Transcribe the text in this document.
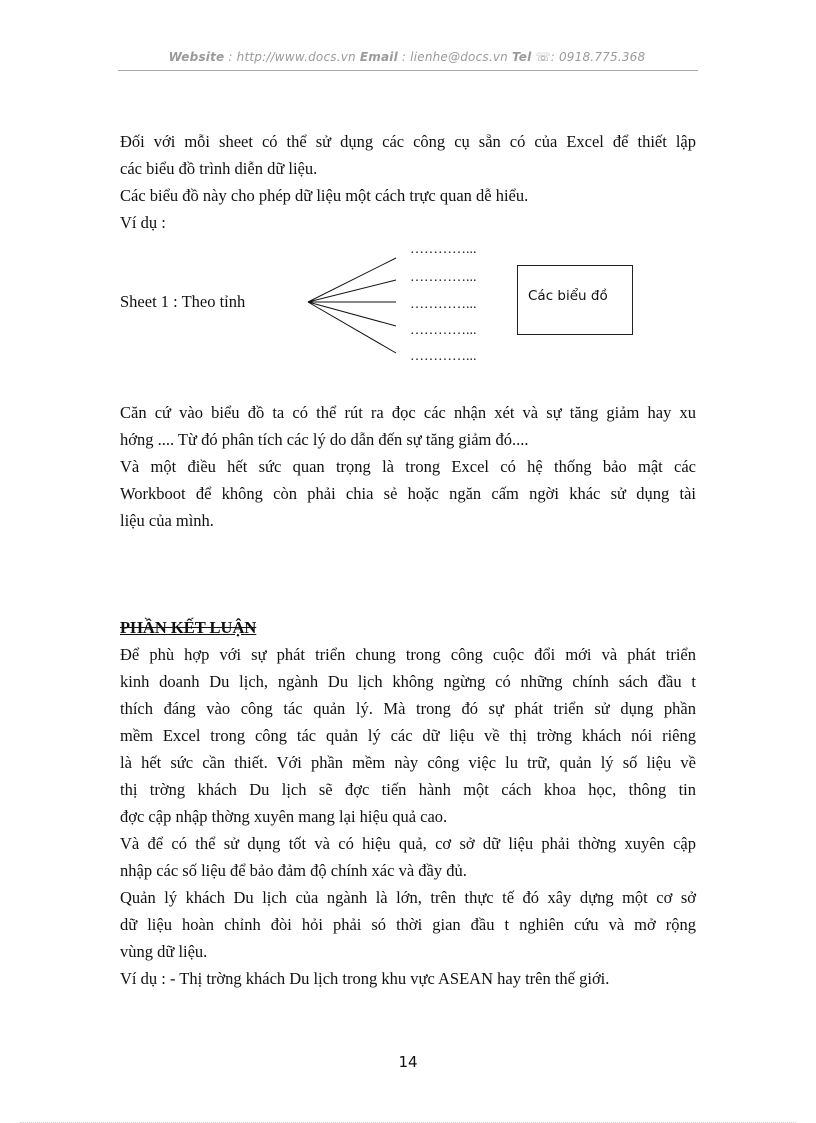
Website : http://www.docs.vn Email : lienhe@docs.vn Tel ☏: 0918.775.368
Đối với mỗi sheet có thể sử dụng các công cụ sẵn có của Excel để thiết lập
các biểu đồ trình diễn dữ liệu.
Các biểu đồ này cho phép dữ liệu một cách trực quan dễ hiểu.
Ví dụ :
Sheet 1 : Theo tỉnh
…………...
…………...
…………...
…………...
…………...
Các biểu đồ
Căn cứ vào biểu đồ ta có thể rút ra đọc các nhận xét và sự tăng giảm hay xu
hớng .... Từ đó phân tích các lý do dẫn đến sự tăng giảm đó....
Và một điều hết sức quan trọng là trong Excel có hệ thống bảo mật các
Workboot để không còn phải chia sẻ hoặc ngăn cấm ngời khác sử dụng tài
liệu của mình.
PHẦN KẾT LUẬN
Để phù hợp với sự phát triển chung trong công cuộc đổi mới và phát triển
kinh doanh Du lịch, ngành Du lịch không ngừng có những chính sách đầu t
thích đáng vào công tác quản lý. Mà trong đó sự phát triển sử dụng phần
mềm Excel trong công tác quản lý các dữ liệu về thị trờng khách nói riêng
là hết sức cần thiết. Với phần mềm này công việc lu trữ, quản lý số liệu về
thị trờng khách Du lịch sẽ đợc tiến hành một cách khoa học, thông tin
đợc cập nhập thờng xuyên mang lại hiệu quả cao.
Và để có thể sử dụng tốt và có hiệu quả, cơ sở dữ liệu phải thờng xuyên cập
nhập các số liệu để bảo đảm độ chính xác và đầy đủ.
Quản lý khách Du lịch của ngành là lớn, trên thực tế đó xây dựng một cơ sở
dữ liệu hoàn chỉnh đòi hỏi phải só thời gian đầu t nghiên cứu và mở rộng
vùng dữ liệu.
Ví dụ : - Thị trờng khách Du lịch trong khu vực ASEAN hay trên thế giới.
14
